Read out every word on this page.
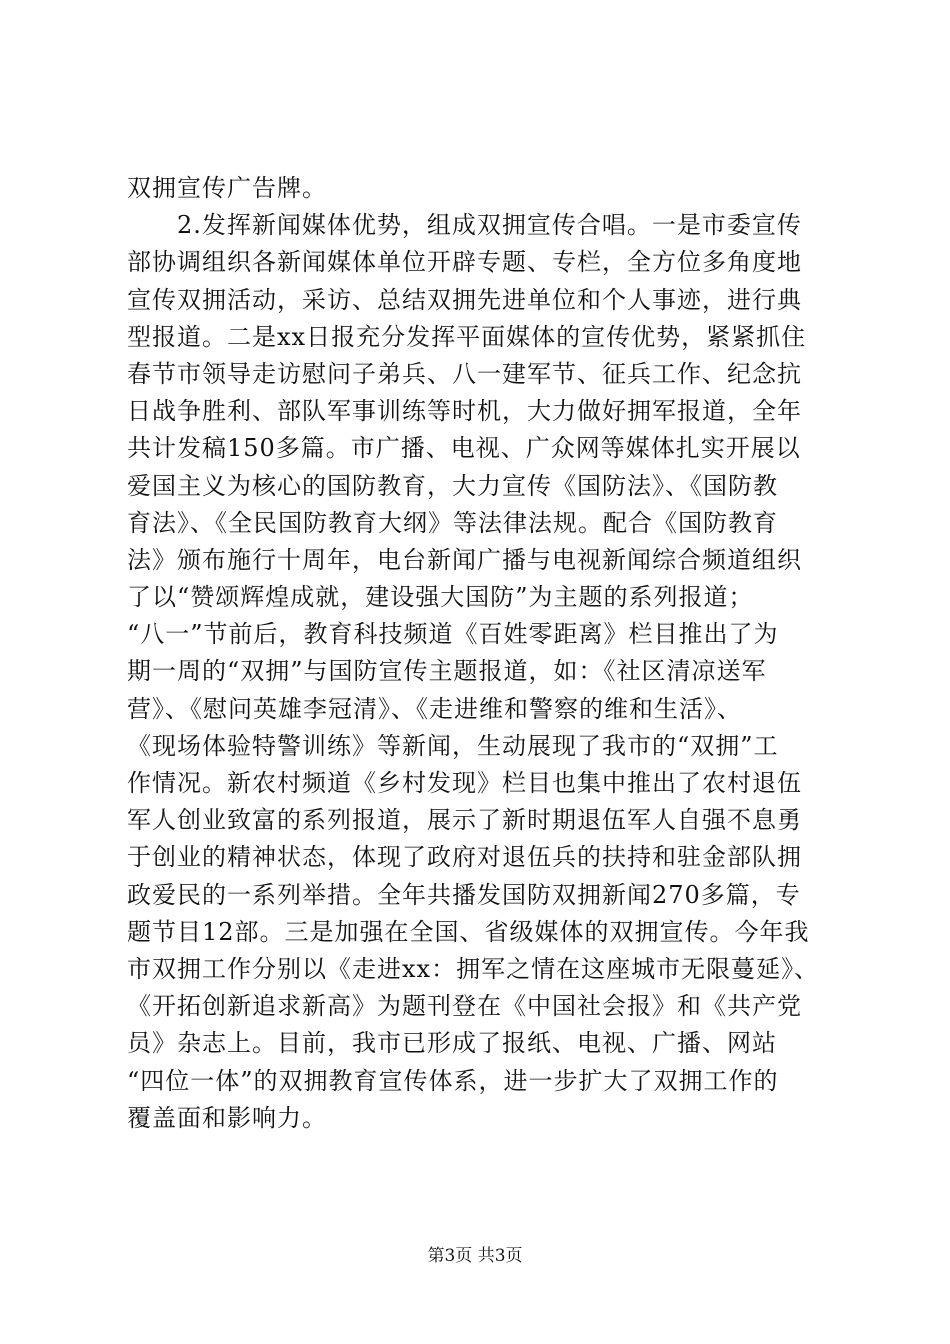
双拥宣传广告牌。
　　2.发挥新闻媒体优势，组成双拥宣传合唱。一是市委宣传
部协调组织各新闻媒体单位开辟专题、专栏，全方位多角度地
宣传双拥活动，采访、总结双拥先进单位和个人事迹，进行典
型报道。二是xx日报充分发挥平面媒体的宣传优势，紧紧抓住
春节市领导走访慰问子弟兵、八一建军节、征兵工作、纪念抗
日战争胜利、部队军事训练等时机，大力做好拥军报道，全年
共计发稿150多篇。市广播、电视、广众网等媒体扎实开展以
爱国主义为核心的国防教育，大力宣传《国防法》、《国防教
育法》、《全民国防教育大纲》等法律法规。配合《国防教育
法》颁布施行十周年，电台新闻广播与电视新闻综合频道组织
了以“赞颂辉煌成就，建设强大国防”为主题的系列报道；
“八一”节前后，教育科技频道《百姓零距离》栏目推出了为
期一周的“双拥”与国防宣传主题报道，如：《社区清凉送军
营》、《慰问英雄李冠清》、《走进维和警察的维和生活》、
《现场体验特警训练》等新闻，生动展现了我市的“双拥”工
作情况。新农村频道《乡村发现》栏目也集中推出了农村退伍
军人创业致富的系列报道，展示了新时期退伍军人自强不息勇
于创业的精神状态，体现了政府对退伍兵的扶持和驻金部队拥
政爱民的一系列举措。全年共播发国防双拥新闻270多篇，专
题节目12部。三是加强在全国、省级媒体的双拥宣传。今年我
市双拥工作分别以《走进xx：拥军之情在这座城市无限蔓延》、
《开拓创新追求新高》为题刊登在《中国社会报》和《共产党
员》杂志上。目前，我市已形成了报纸、电视、广播、网站
“四位一体”的双拥教育宣传体系，进一步扩大了双拥工作的
覆盖面和影响力。
第3页 共3页
